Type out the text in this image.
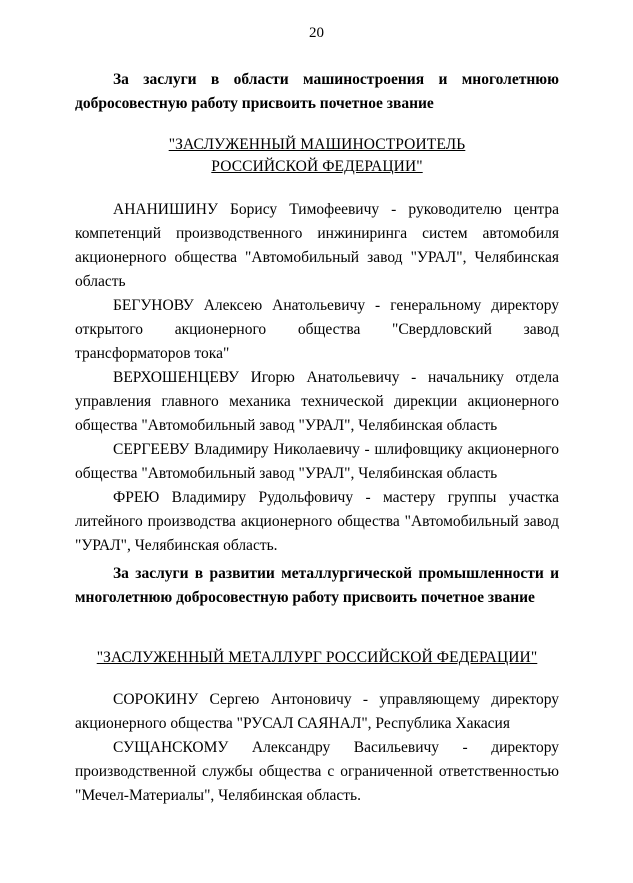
20

За заслуги в области машиностроения и многолетнюю добросовестную работу присвоить почетное звание

"ЗАСЛУЖЕННЫЙ МАШИНОСТРОИТЕЛЬ
РОССИЙСКОЙ ФЕДЕРАЦИИ"

АНАНИШИНУ Борису Тимофеевичу - руководителю центра компетенций производственного инжиниринга систем автомобиля акционерного общества "Автомобильный завод "УРАЛ", Челябинская область

БЕГУНОВУ Алексею Анатольевичу - генеральному директору открытого акционерного общества "Свердловский завод трансформаторов тока"

ВЕРХОШЕНЦЕВУ Игорю Анатольевичу - начальнику отдела управления главного механика технической дирекции акционерного общества "Автомобильный завод "УРАЛ", Челябинская область

СЕРГЕЕВУ Владимиру Николаевичу - шлифовщику акционерного общества "Автомобильный завод "УРАЛ", Челябинская область

ФРЕЮ Владимиру Рудольфовичу - мастеру группы участка литейного производства акционерного общества "Автомобильный завод "УРАЛ", Челябинская область.

За заслуги в развитии металлургической промышленности и многолетнюю добросовестную работу присвоить почетное звание

"ЗАСЛУЖЕННЫЙ МЕТАЛЛУРГ РОССИЙСКОЙ ФЕДЕРАЦИИ"

СОРОКИНУ Сергею Антоновичу - управляющему директору акционерного общества "РУСАЛ САЯНАЛ", Республика Хакасия

СУЩАНСКОМУ Александру Васильевичу - директору производственной службы общества с ограниченной ответственностью "Мечел-Материалы", Челябинская область.
